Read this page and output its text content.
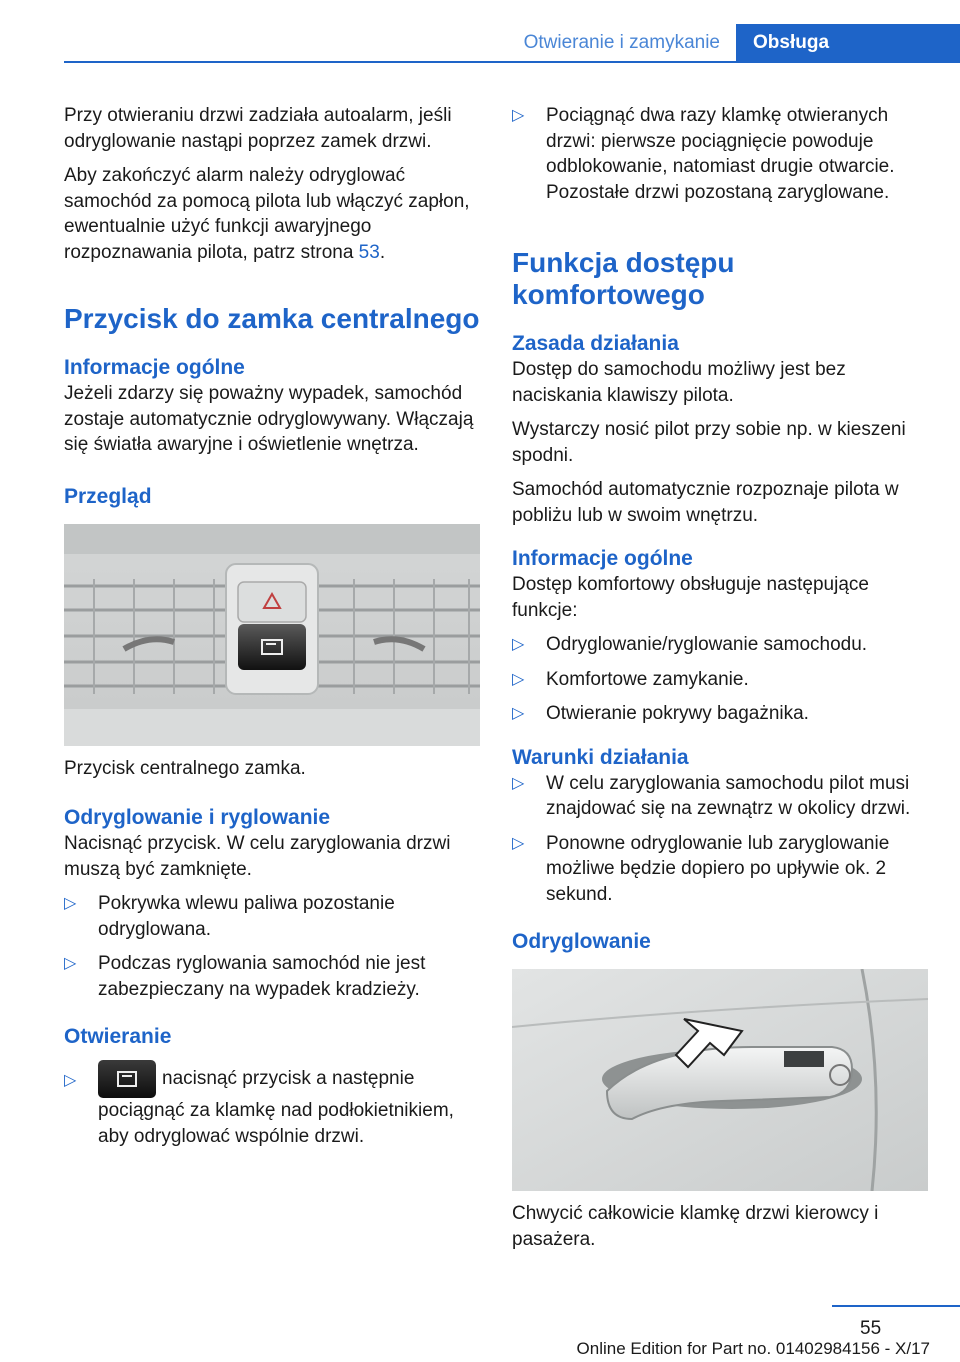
Otwieranie i zamykanie	Obsługa

Przy otwieraniu drzwi zadziała autoalarm, jeśli odryglowanie nastąpi poprzez zamek drzwi.

Aby zakończyć alarm należy odryglować samochód za pomocą pilota lub włączyć zapłon, ewentualnie użyć funkcji awaryjnego rozpoznawania pilota, patrz strona 53.

Przycisk do zamka centralnego
Informacje ogólne

Jeżeli zdarzy się poważny wypadek, samochód zostaje automatycznie odryglowywany. Włączają się światła awaryjne i oświetlenie wnętrza.

Przegląd

Przycisk centralnego zamka.

Odryglowanie i ryglowanie

Nacisnąć przycisk. W celu zaryglowania drzwi muszą być zamknięte.

▷ Pokrywka wlewu paliwa pozostanie odryglowana.
▷ Podczas ryglowania samochód nie jest zabezpieczany na wypadek kradzieży.
Otwieranie
▷	nacisnąć przycisk a następnie pociągnąć za klamkę nad podłokietnikiem, aby odryglować wspólnie drzwi.
▷ Pociągnąć dwa razy klamkę otwieranych drzwi: pierwsze pociągnięcie powoduje odblokowanie, natomiast drugie otwarcie. Pozostałe drzwi pozostaną zaryglowane.
Funkcja dostępu komfortowego
Zasada działania

Dostęp do samochodu możliwy jest bez naciskania klawiszy pilota.

Wystarczy nosić pilot przy sobie np. w kieszeni spodni.

Samochód automatycznie rozpoznaje pilota w pobliżu lub w swoim wnętrzu.

Informacje ogólne

Dostęp komfortowy obsługuje następujące funkcje:

▷ Odryglowanie/ryglowanie samochodu.
▷ Komfortowe zamykanie.
▷ Otwieranie pokrywy bagażnika.
Warunki działania
▷ W celu zaryglowania samochodu pilot musi znajdować się na zewnątrz w okolicy drzwi.
▷ Ponowne odryglowanie lub zaryglowanie możliwe będzie dopiero po upływie ok. 2 sekund.
Odryglowanie

Chwycić całkowicie klamkę drzwi kierowcy i pasażera.

55
Online Edition for Part no. 01402984156 - X/17
